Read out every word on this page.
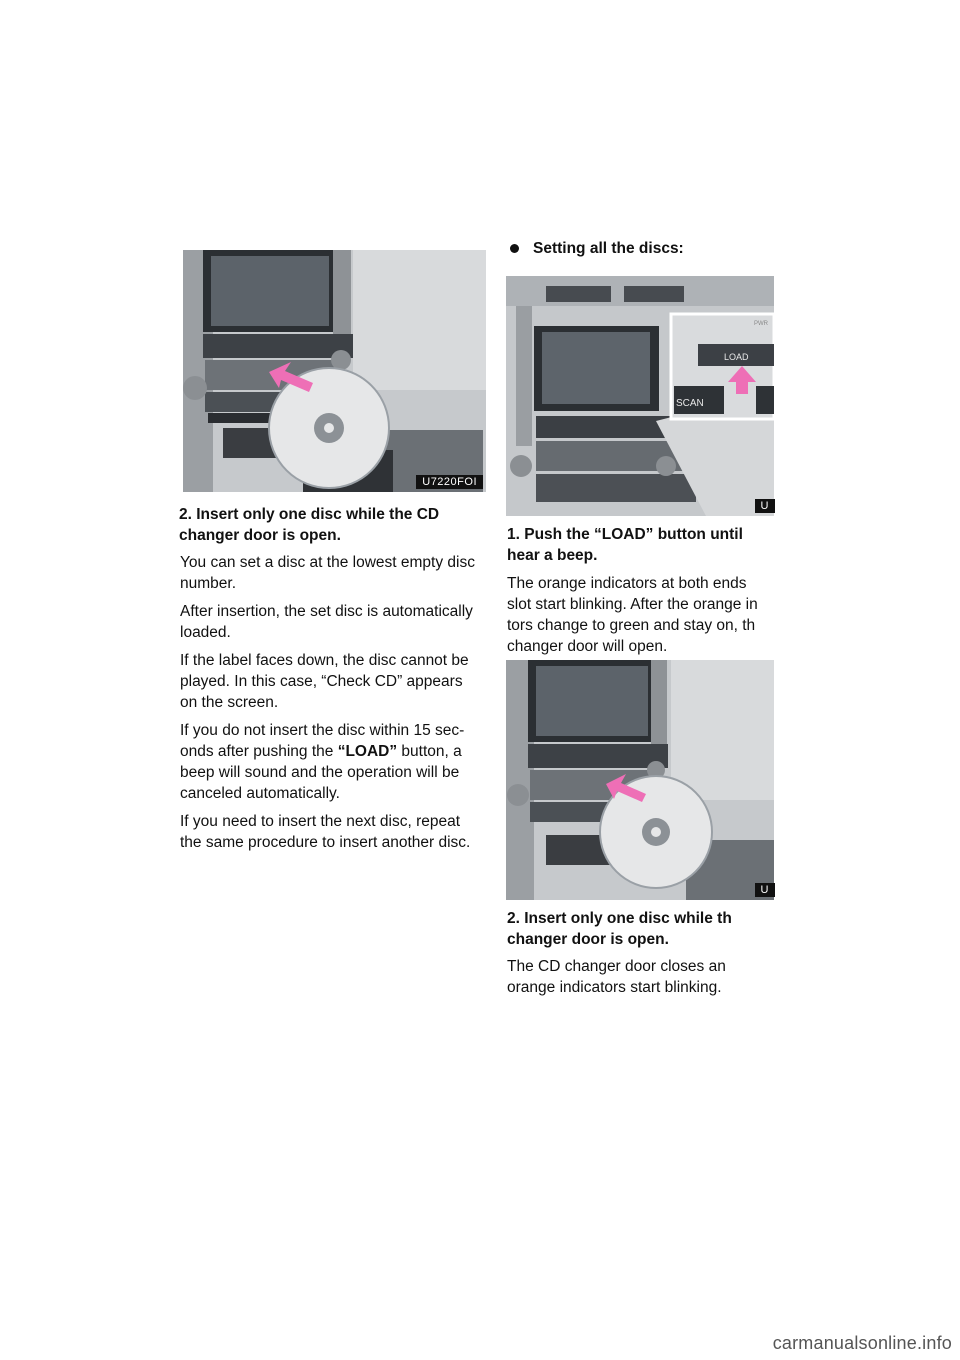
U7220FOI
2. Insert only one disc while the CD
changer door is open.
You can set a disc at the lowest empty disc
number.
After insertion, the set disc is automatically
loaded.
If the label faces down, the disc cannot be
played. In this case, “Check CD” appears
on the screen.
If you do not insert the disc within 15 sec-
onds after pushing the “LOAD” button, a
beep will sound and the operation will be
canceled automatically.
If you need to insert the next disc, repeat
the same procedure to insert another disc.
Setting all the discs:
LOAD
SCAN
PWR
U
1. Push the “LOAD” button until
hear a beep.
The orange indicators at both ends
slot start blinking. After the orange in
tors change to green and stay on, th
changer door will open.
U
2. Insert only one disc while th
changer door is open.
The CD changer door closes an
orange indicators start blinking.
carmanualsonline.info
